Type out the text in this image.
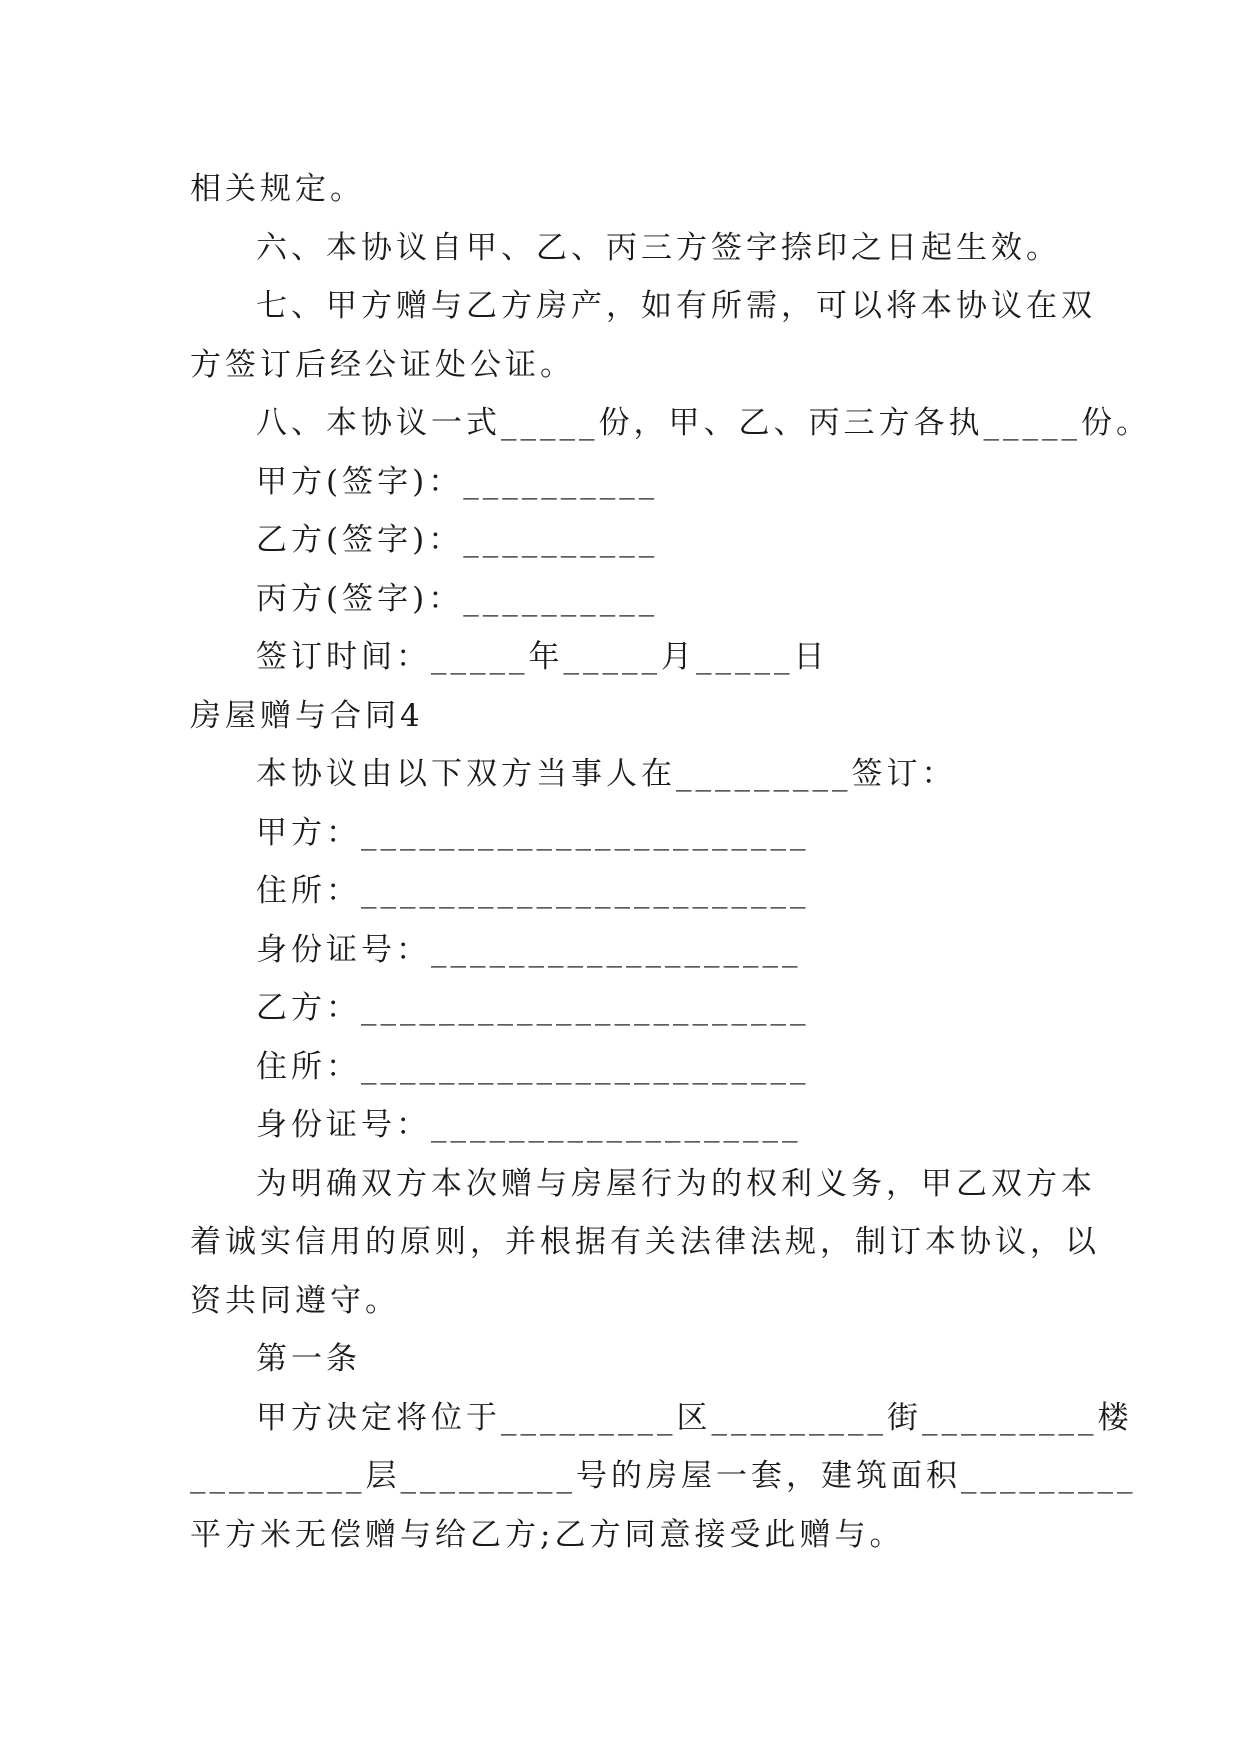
相关规定。
六、本协议自甲、乙、丙三方签字捺印之日起生效。
七、甲方赠与乙方房产，如有所需，可以将本协议在双
方签订后经公证处公证。
八、本协议一式_____份，甲、乙、丙三方各执_____份。
甲方(签字)：__________
乙方(签字)：__________
丙方(签字)：__________
签订时间：_____年_____月_____日
房屋赠与合同4
本协议由以下双方当事人在_________签订：
甲方：_______________________
住所：_______________________
身份证号：___________________
乙方：_______________________
住所：_______________________
身份证号：___________________
为明确双方本次赠与房屋行为的权利义务，甲乙双方本
着诚实信用的原则，并根据有关法律法规，制订本协议，以
资共同遵守。
第一条
甲方决定将位于_________区_________街_________楼
_________层_________号的房屋一套，建筑面积_________
平方米无偿赠与给乙方;乙方同意接受此赠与。
